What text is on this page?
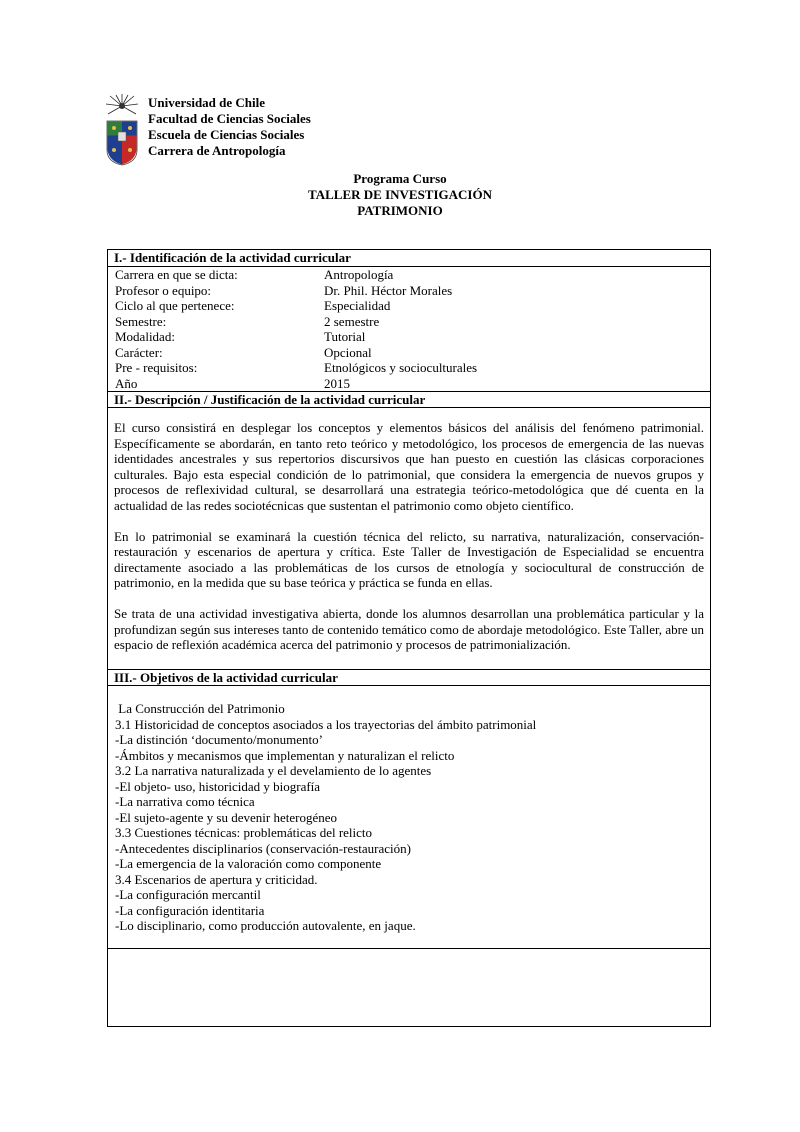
Universidad de Chile
Facultad de Ciencias Sociales
Escuela de Ciencias Sociales
Carrera de Antropología
Programa Curso
TALLER DE INVESTIGACIÓN
PATRIMONIO
I.- Identificación de la actividad curricular
Carrera en que se dicta:	Antropología
Profesor o equipo:	Dr. Phil. Héctor Morales
Ciclo al que pertenece:	Especialidad
Semestre:	2 semestre
Modalidad:	Tutorial
Carácter:	Opcional
Pre - requisitos:	Etnológicos y socioculturales
Año	2015
II.- Descripción / Justificación de la actividad curricular

El curso consistirá en desplegar los conceptos y elementos básicos del análisis del fenómeno patrimonial. Específicamente se abordarán, en tanto reto teórico y metodológico, los procesos de emergencia de las nuevas identidades ancestrales y sus repertorios discursivos que han puesto en cuestión las clásicas corporaciones culturales. Bajo esta especial condición de lo patrimonial, que considera la emergencia de nuevos grupos y procesos de reflexividad cultural, se desarrollará una estrategia teórico-metodológica que dé cuenta en la actualidad de las redes sociotécnicas que sustentan el patrimonio como objeto científico.

En lo patrimonial se examinará la cuestión técnica del relicto, su narrativa, naturalización, conservación-restauración y escenarios de apertura y crítica. Este Taller de Investigación de Especialidad se encuentra directamente asociado a las problemáticas de los cursos de etnología y sociocultural de construcción de patrimonio, en la medida que su base teórica y práctica se funda en ellas.

Se trata de una actividad investigativa abierta, donde los alumnos desarrollan una problemática particular y la profundizan según sus intereses tanto de contenido temático como de abordaje metodológico. Este Taller, abre un espacio de reflexión académica acerca del patrimonio y procesos de patrimonialización.

III.- Objetivos de la actividad curricular
La Construcción del Patrimonio
3.1 Historicidad de conceptos asociados a los trayectorias del ámbito patrimonial
-La distinción ‘documento/monumento’
-Ámbitos y mecanismos que implementan y naturalizan el relicto
3.2 La narrativa naturalizada y el develamiento de lo agentes
-El objeto- uso, historicidad y biografía
-La narrativa como técnica
-El sujeto-agente y su devenir heterogéneo
3.3 Cuestiones técnicas: problemáticas del relicto
-Antecedentes disciplinarios (conservación-restauración)
-La emergencia de la valoración como componente
3.4 Escenarios de apertura y criticidad.
-La configuración mercantil
-La configuración identitaria
-Lo disciplinario, como producción autovalente, en jaque.
